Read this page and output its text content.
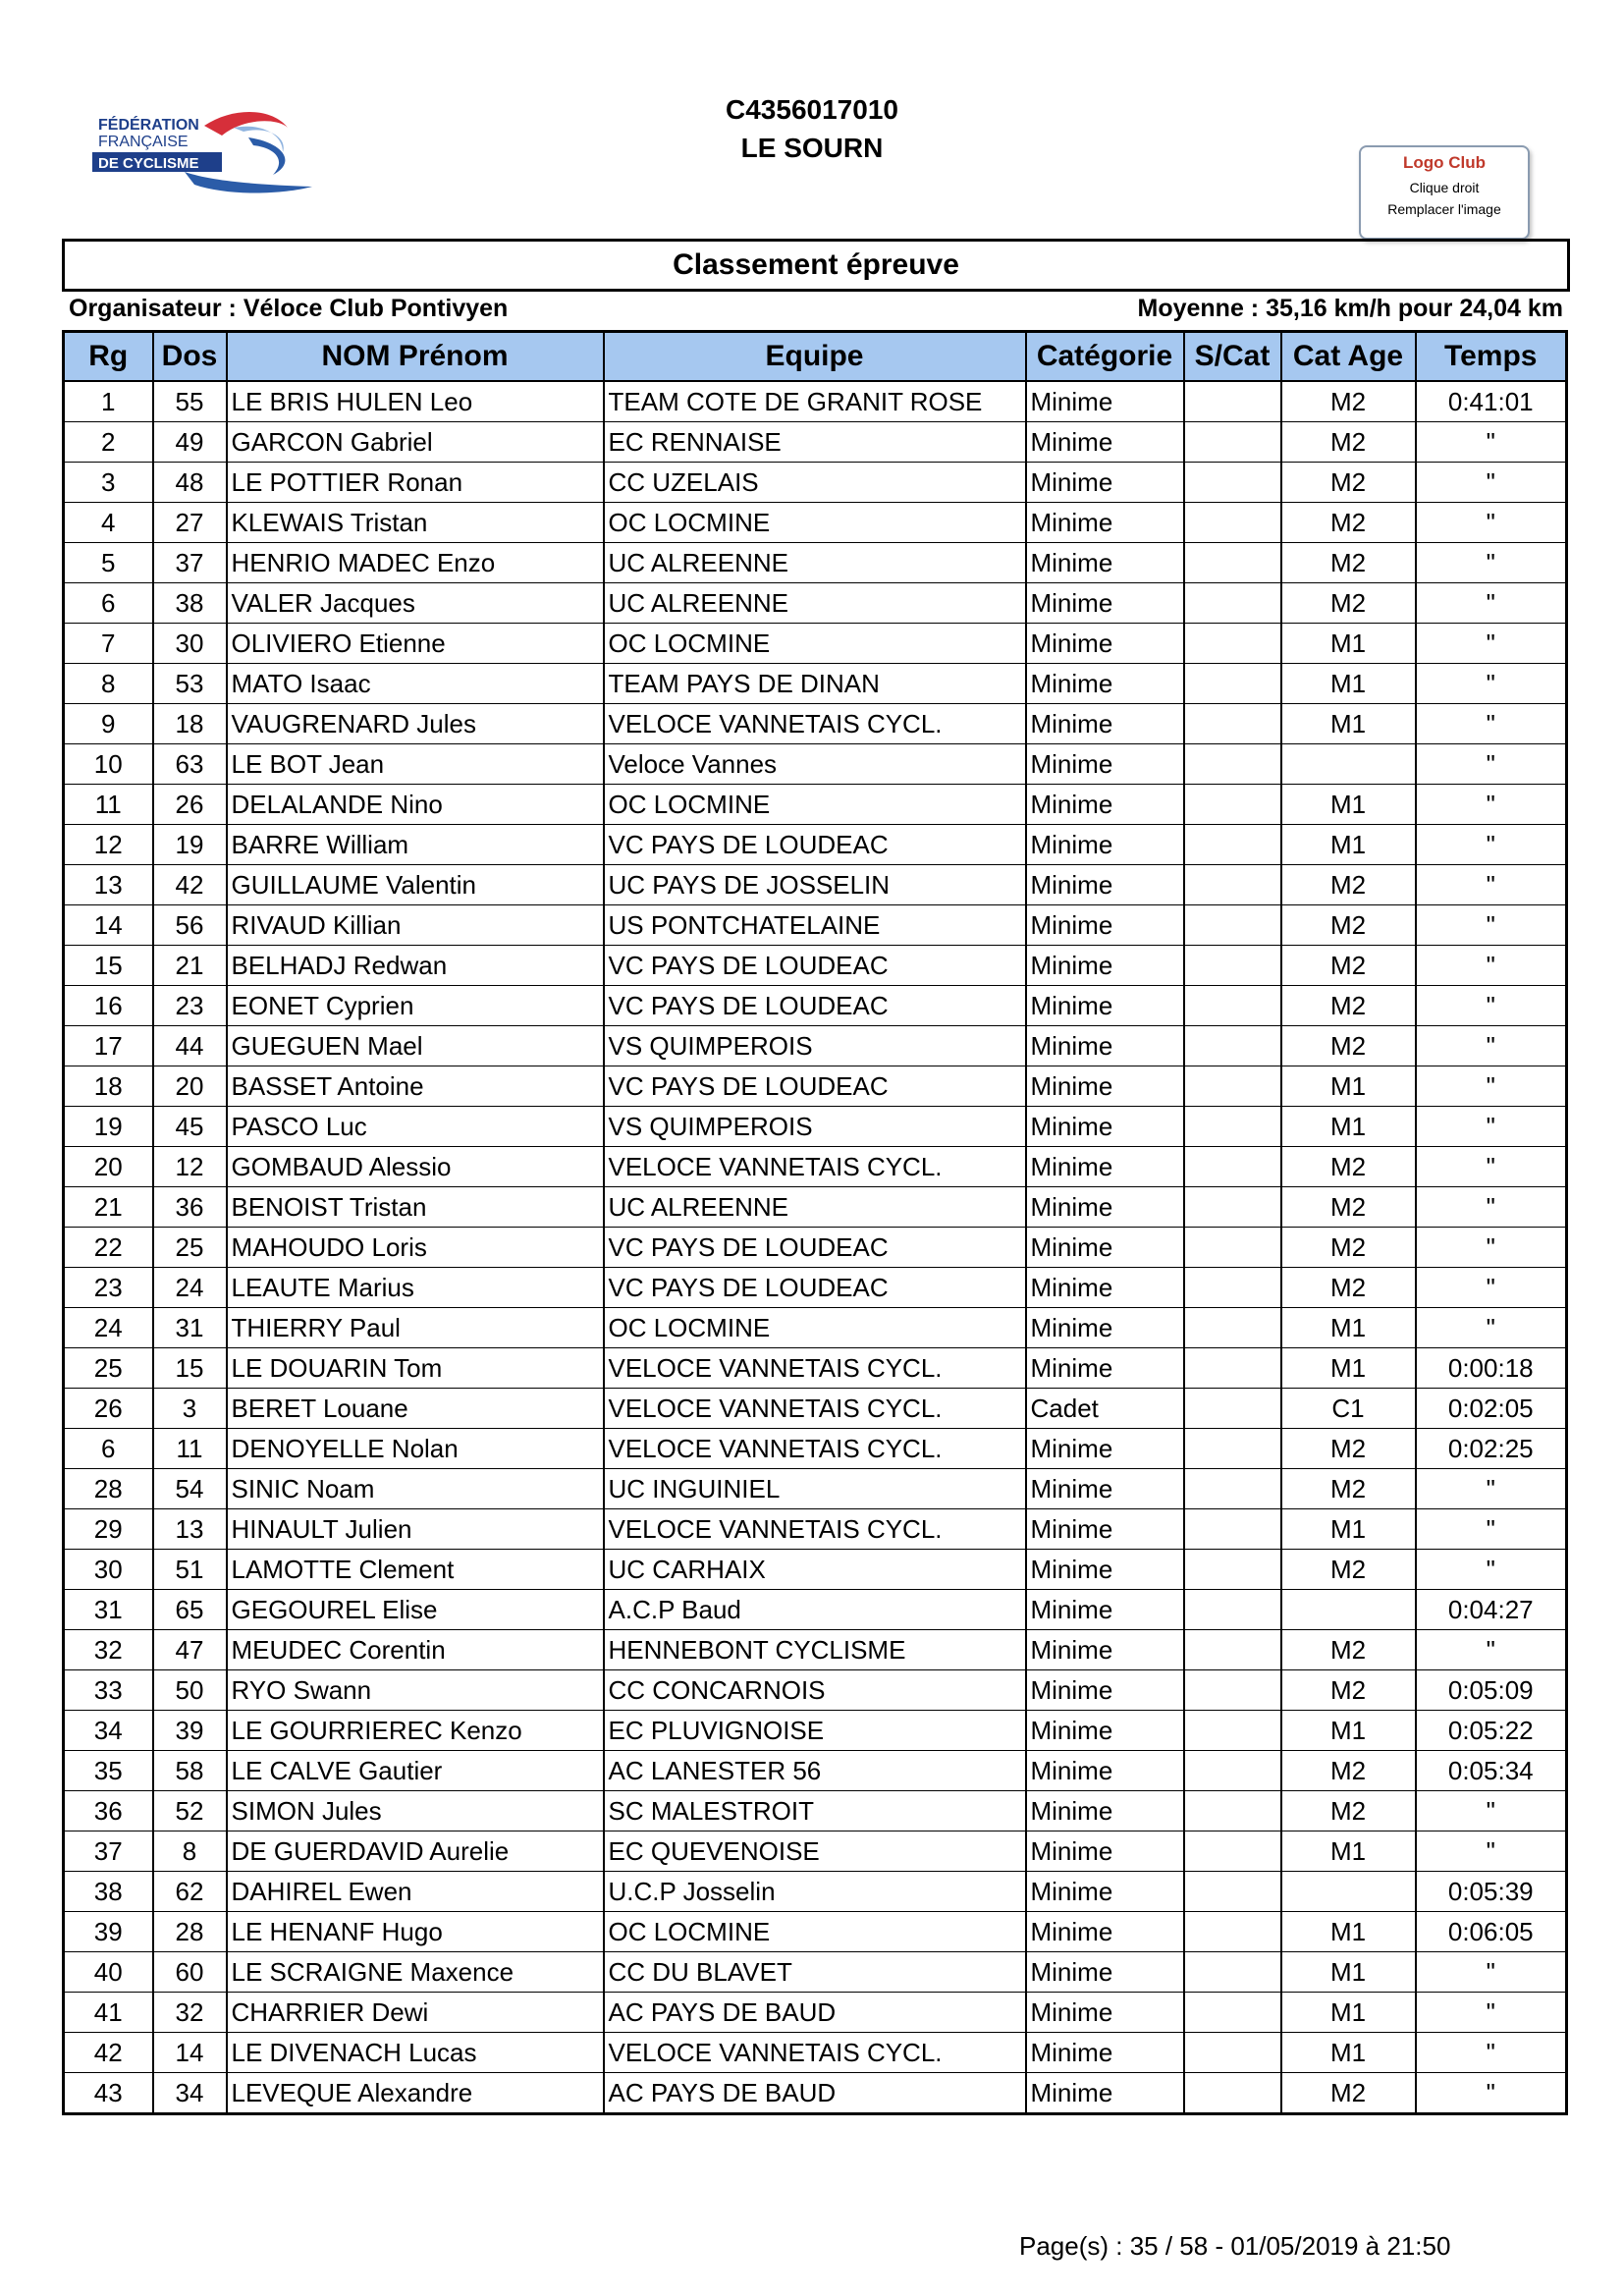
FÉDÉRATION
FRANÇAISE
DE CYCLISME
C4356017010
LE SOURN	Logo Club
Clique droit
Remplacer l'image
Classement épreuve
Organisateur : Véloce Club Pontivyen	Moyenne : 35,16 km/h pour 24,04 km
Rg	Dos	NOM Prénom	Equipe	Catégorie	S/Cat	Cat Age	Temps
1	55	LE BRIS HULEN Leo	TEAM COTE DE GRANIT ROSE	Minime		M2	0:41:01
2	49	GARCON Gabriel	EC RENNAISE	Minime		M2	"
3	48	LE POTTIER Ronan	CC UZELAIS	Minime		M2	"
4	27	KLEWAIS Tristan	OC LOCMINE	Minime		M2	"
5	37	HENRIO MADEC Enzo	UC ALREENNE	Minime		M2	"
6	38	VALER Jacques	UC ALREENNE	Minime		M2	"
7	30	OLIVIERO Etienne	OC LOCMINE	Minime		M1	"
8	53	MATO Isaac	TEAM PAYS DE DINAN	Minime		M1	"
9	18	VAUGRENARD Jules	VELOCE VANNETAIS CYCL.	Minime		M1	"
10	63	LE BOT Jean	Veloce Vannes	Minime			"
11	26	DELALANDE Nino	OC LOCMINE	Minime		M1	"
12	19	BARRE William	VC PAYS DE LOUDEAC	Minime		M1	"
13	42	GUILLAUME Valentin	UC PAYS DE JOSSELIN	Minime		M2	"
14	56	RIVAUD Killian	US PONTCHATELAINE	Minime		M2	"
15	21	BELHADJ Redwan	VC PAYS DE LOUDEAC	Minime		M2	"
16	23	EONET Cyprien	VC PAYS DE LOUDEAC	Minime		M2	"
17	44	GUEGUEN Mael	VS QUIMPEROIS	Minime		M2	"
18	20	BASSET Antoine	VC PAYS DE LOUDEAC	Minime		M1	"
19	45	PASCO Luc	VS QUIMPEROIS	Minime		M1	"
20	12	GOMBAUD Alessio	VELOCE VANNETAIS CYCL.	Minime		M2	"
21	36	BENOIST Tristan	UC ALREENNE	Minime		M2	"
22	25	MAHOUDO Loris	VC PAYS DE LOUDEAC	Minime		M2	"
23	24	LEAUTE Marius	VC PAYS DE LOUDEAC	Minime		M2	"
24	31	THIERRY Paul	OC LOCMINE	Minime		M1	"
25	15	LE DOUARIN Tom	VELOCE VANNETAIS CYCL.	Minime		M1	0:00:18
26	3	BERET Louane	VELOCE VANNETAIS CYCL.	Cadet		C1	0:02:05
6	11	DENOYELLE Nolan	VELOCE VANNETAIS CYCL.	Minime		M2	0:02:25
28	54	SINIC Noam	UC INGUINIEL	Minime		M2	"
29	13	HINAULT Julien	VELOCE VANNETAIS CYCL.	Minime		M1	"
30	51	LAMOTTE Clement	UC CARHAIX	Minime		M2	"
31	65	GEGOUREL Elise	A.C.P Baud	Minime			0:04:27
32	47	MEUDEC Corentin	HENNEBONT CYCLISME	Minime		M2	"
33	50	RYO Swann	CC CONCARNOIS	Minime		M2	0:05:09
34	39	LE GOURRIEREC Kenzo	EC PLUVIGNOISE	Minime		M1	0:05:22
35	58	LE CALVE Gautier	AC LANESTER 56	Minime		M2	0:05:34
36	52	SIMON Jules	SC MALESTROIT	Minime		M2	"
37	8	DE GUERDAVID Aurelie	EC QUEVENOISE	Minime		M1	"
38	62	DAHIREL Ewen	U.C.P Josselin	Minime			0:05:39
39	28	LE HENANF Hugo	OC LOCMINE	Minime		M1	0:06:05
40	60	LE SCRAIGNE Maxence	CC DU BLAVET	Minime		M1	"
41	32	CHARRIER Dewi	AC PAYS DE BAUD	Minime		M1	"
42	14	LE DIVENACH Lucas	VELOCE VANNETAIS CYCL.	Minime		M1	"
43	34	LEVEQUE Alexandre	AC PAYS DE BAUD	Minime		M2	"
Page(s) : 35 / 58 - 01/05/2019 à 21:50
